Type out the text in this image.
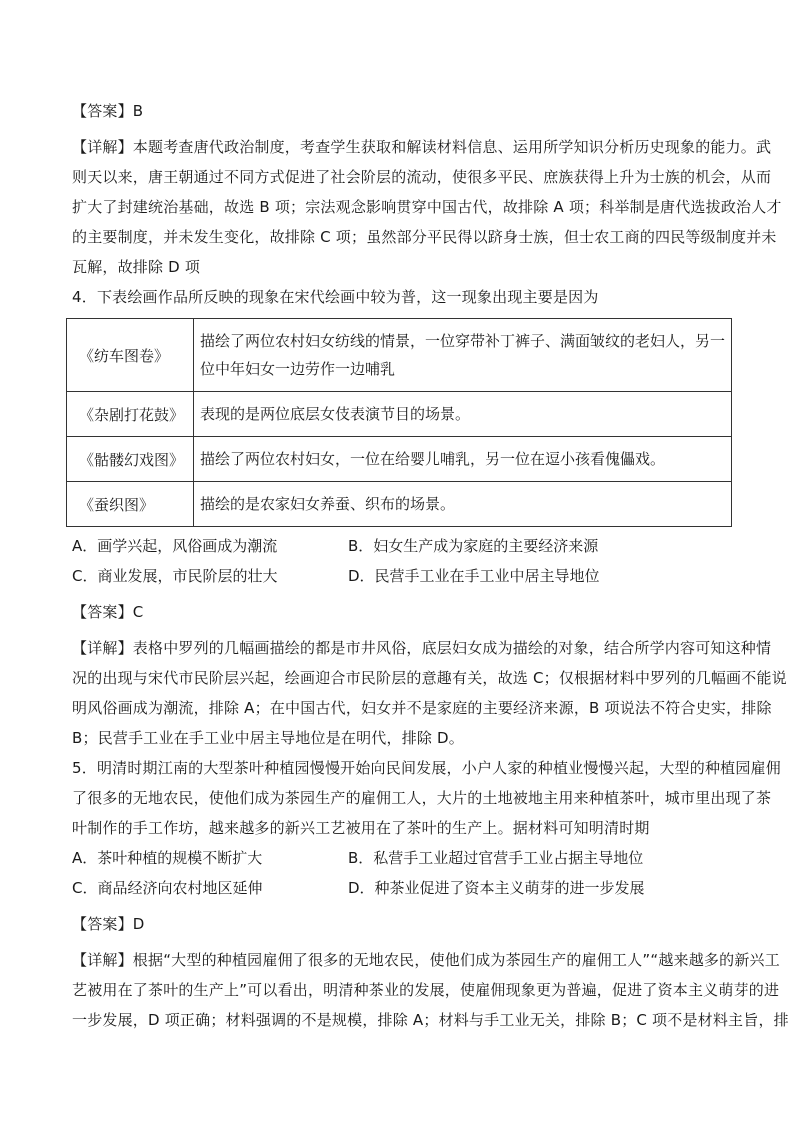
【答案】B
【详解】本题考查唐代政治制度，考查学生获取和解读材料信息、运用所学知识分析历史现象的能力。武
则天以来，唐王朝通过不同方式促进了社会阶层的流动，使很多平民、庶族获得上升为士族的机会，从而
扩大了封建统治基础，故选 B 项；宗法观念影响贯穿中国古代，故排除 A 项；科举制是唐代选拔政治人才
的主要制度，并未发生变化，故排除 C 项；虽然部分平民得以跻身士族，但士农工商的四民等级制度并未
瓦解，故排除 D 项
4．下表绘画作品所反映的现象在宋代绘画中较为普，这一现象出现主要是因为
《纺车图卷》	描绘了两位农村妇女纺线的情景，一位穿带补丁裤子、满面皱纹的老妇人，另一位中年妇女一边劳作一边哺乳
《杂剧打花鼓》	表现的是两位底层女伎表演节目的场景。
《骷髅幻戏图》	描绘了两位农村妇女，一位在给婴儿哺乳，另一位在逗小孩看傀儡戏。
《蚕织图》	描绘的是农家妇女养蚕、织布的场景。
A．画学兴起，风俗画成为潮流	B．妇女生产成为家庭的主要经济来源
C．商业发展，市民阶层的壮大	D．民营手工业在手工业中居主导地位
【答案】C
【详解】表格中罗列的几幅画描绘的都是市井风俗，底层妇女成为描绘的对象，结合所学内容可知这种情
况的出现与宋代市民阶层兴起，绘画迎合市民阶层的意趣有关，故选 C；仅根据材料中罗列的几幅画不能说
明风俗画成为潮流，排除 A；在中国古代，妇女并不是家庭的主要经济来源，B 项说法不符合史实，排除
B；民营手工业在手工业中居主导地位是在明代，排除 D。
5．明清时期江南的大型茶叶种植园慢慢开始向民间发展，小户人家的种植业慢慢兴起，大型的种植园雇佣
了很多的无地农民，使他们成为茶园生产的雇佣工人，大片的土地被地主用来种植茶叶，城市里出现了茶
叶制作的手工作坊，越来越多的新兴工艺被用在了茶叶的生产上。据材料可知明清时期
A．茶叶种植的规模不断扩大	B．私营手工业超过官营手工业占据主导地位
C．商品经济向农村地区延伸	D．种茶业促进了资本主义萌芽的进一步发展
【答案】D
【详解】根据“大型的种植园雇佣了很多的无地农民，使他们成为茶园生产的雇佣工人”“越来越多的新兴工
艺被用在了茶叶的生产上”可以看出，明清种茶业的发展，使雇佣现象更为普遍，促进了资本主义萌芽的进
一步发展，D 项正确；材料强调的不是规模，排除 A；材料与手工业无关，排除 B；C 项不是材料主旨，排
